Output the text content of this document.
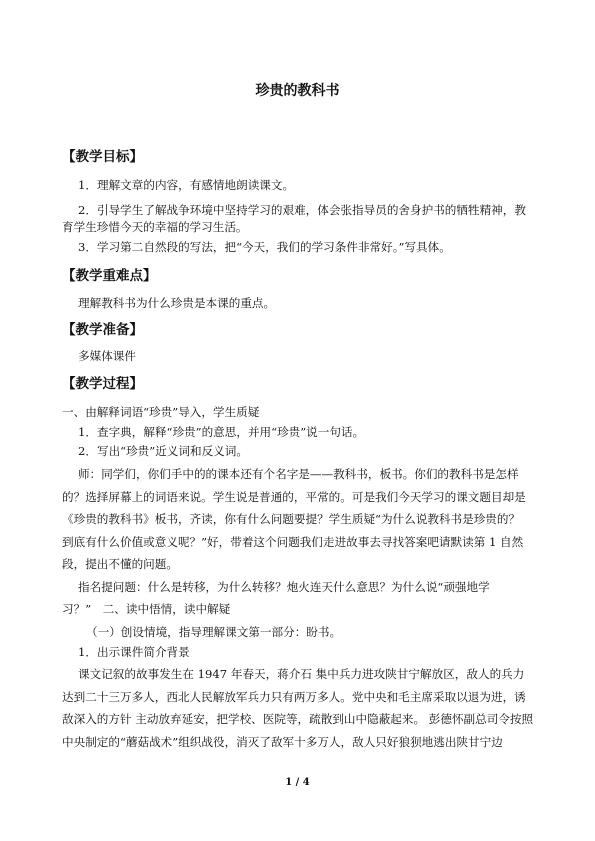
珍贵的教科书
【教学目标】
1．理解文章的内容，有感情地朗读课文。
2．引导学生了解战争环境中坚持学习的艰难，体会张指导员的舍身护书的牺牲精神，教
育学生珍惜今天的幸福的学习生活。
3．学习第二自然段的写法，把“今天，我们的学习条件非常好。”写具体。
【教学重难点】
理解教科书为什么珍贵是本课的重点。
【教学准备】
多媒体课件
【教学过程】
一、由解释词语“珍贵”导入，学生质疑
1．查字典，解释“珍贵”的意思，并用“珍贵”说一句话。
2．写出“珍贵”近义词和反义词。
师：同学们，你们手中的的课本还有个名字是——教科书，板书。你们的教科书是怎样
的？选择屏幕上的词语来说。学生说是普通的，平常的。可是我们今天学习的课文题目却是
《珍贵的教科书》板书，齐读，你有什么问题要提？学生质疑“为什么说教科书是珍贵的？
到底有什么价值或意义呢？”好，带着这个问题我们走进故事去寻找答案吧请默读第 1 自然
段，提出不懂的问题。
指名提问题：什么是转移，为什么转移？炮火连天什么意思？为什么说“顽强地学
习？”　二、读中悟情，读中解疑
（一）创设情境，指导理解课文第一部分：盼书。
1．出示课件简介背景
课文记叙的故事发生在 1947 年春天，蒋介石 集中兵力进攻陕甘宁解放区，敌人的兵力
达到二十三万多人，西北人民解放军兵力只有两万多人。党中央和毛主席采取以退为进，诱
敌深入的方针 主动放弃延安，把学校、医院等，疏散到山中隐蔽起来。 彭德怀副总司令按照
中央制定的“蘑菇战术”组织战役，消灭了敌军十多万人，敌人只好狼狈地逃出陕甘宁边
1 / 4
